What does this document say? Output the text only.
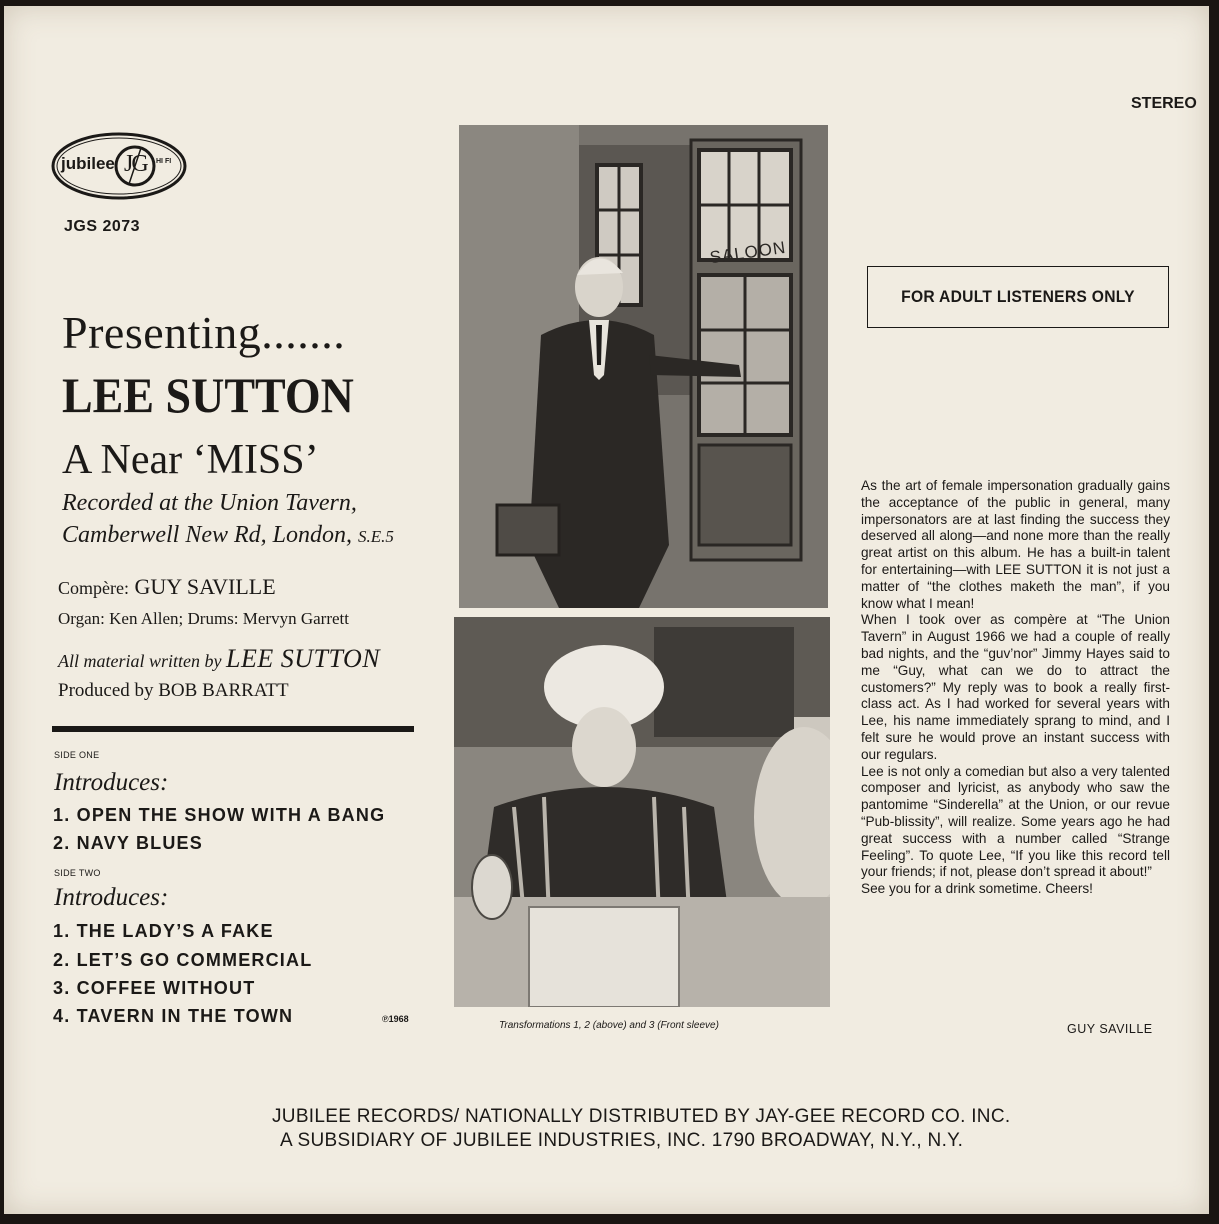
jubilee JG HI FI
JGS 2073
STEREO
Presenting.......
LEE SUTTON
A Near ‘MISS’
Recorded at the Union Tavern,
Camberwell New Rd, London, S.E.5
Compère: GUY SAVILLE
Organ: Ken Allen; Drums: Mervyn Garrett
All material written by LEE SUTTON
Produced by BOB BARRATT
SIDE ONE
Introduces:
1. OPEN THE SHOW WITH A BANG
2. NAVY BLUES
SIDE TWO
Introduces:
1. THE LADY’S A FAKE
2. LET’S GO COMMERCIAL
3. COFFEE WITHOUT
4. TAVERN IN THE TOWN	℗1968
SALOON
Transformations 1, 2 (above) and 3 (Front sleeve)
FOR ADULT LISTENERS ONLY

As the art of female impersonation gradually gains the acceptance of the public in general, many impersonators are at last finding the success they deserved all along—and none more than the really great artist on this album. He has a built-in talent for entertaining—with LEE SUTTON it is not just a matter of “the clothes maketh the man”, if you know what I mean!

When I took over as compère at “The Union Tavern” in August 1966 we had a couple of really bad nights, and the “guv’nor” Jimmy Hayes said to me “Guy, what can we do to attract the customers?” My reply was to book a really first-class act. As I had worked for several years with Lee, his name immediately sprang to mind, and I felt sure he would prove an instant success with our regulars.

Lee is not only a comedian but also a very talented composer and lyricist, as anybody who saw the pantomime “Sinderella” at the Union, or our revue “Pub-blissity”, will realize. Some years ago he had great success with a number called “Strange Feeling”. To quote Lee, “If you like this record tell your friends; if not, please don’t spread it about!”

See you for a drink sometime. Cheers!

GUY SAVILLE
JUBILEE RECORDS/ NATIONALLY DISTRIBUTED BY JAY-GEE RECORD CO. INC.
A SUBSIDIARY OF JUBILEE INDUSTRIES, INC. 1790 BROADWAY, N.Y., N.Y.
